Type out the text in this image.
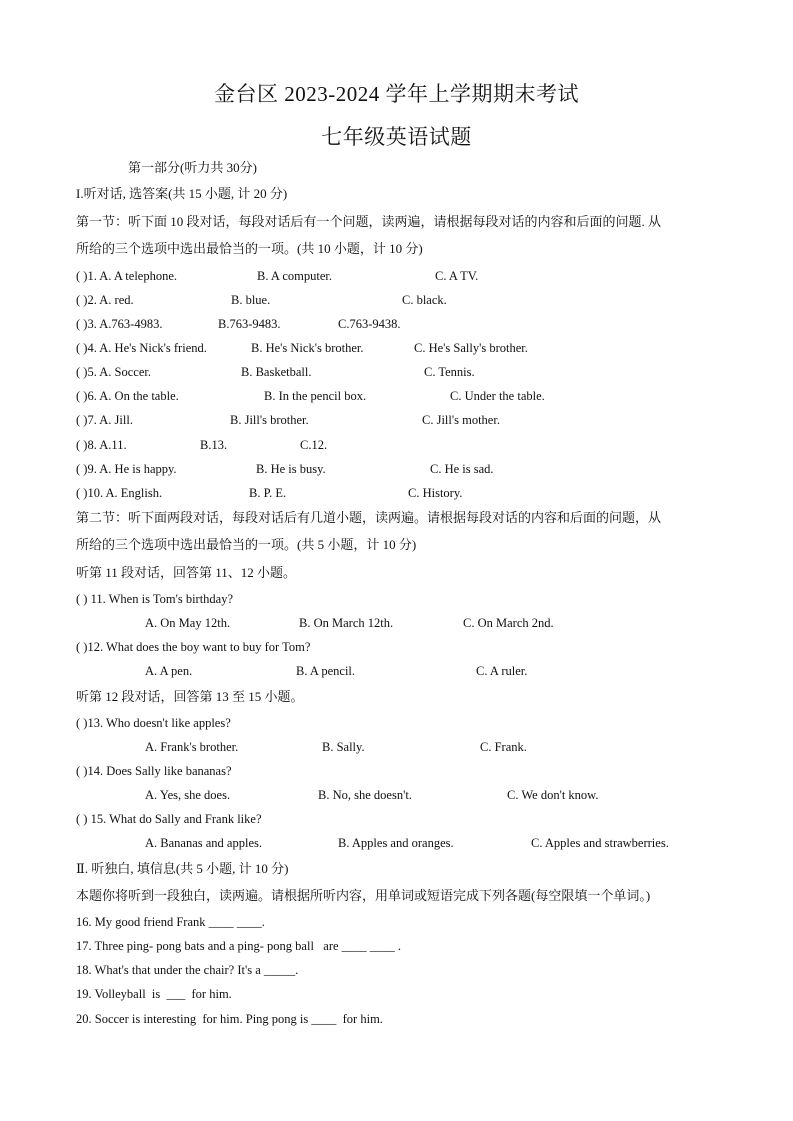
金台区 2023-2024 学年上学期期末考试
七年级英语试题
第一部分(听力共 30分)
I.听对话, 选答案(共 15 小题, 计 20 分)
第一节：听下面 10 段对话，每段对话后有一个问题，读两遍，请根据每段对话的内容和后面的问题. 从
所给的三个选项中选出最恰当的一项。(共 10 小题，计 10 分)
( )1. A. A telephone.	B. A computer.	C. A TV.
( )2. A. red.	B. blue.	C. black.
( )3. A.763-4983.	B.763-9483.	C.763-9438.
( )4. A. He's Nick's friend.	B. He's Nick's brother.	C. He's Sally's brother.
( )5. A. Soccer.	B. Basketball.	C. Tennis.
( )6. A. On the table.	B. In the pencil box.	C. Under the table.
( )7. A. Jill.	B. Jill's brother.	C. Jill's mother.
( )8. A.11.	B.13.	C.12.
( )9. A. He is happy.	B. He is busy.	C. He is sad.
( )10. A. English.	B. P. E.	C. History.
第二节：听下面两段对话，每段对话后有几道小题，读两遍。请根据每段对话的内容和后面的问题，从
所给的三个选项中选出最恰当的一项。(共 5 小题，计 10 分)
听第 11 段对话，回答第 11、12 小题。
( ) 11. When is Tom's birthday?
A. On May 12th.	B. On March 12th.	C. On March 2nd.
( )12. What does the boy want to buy for Tom?
A. A pen.	B. A pencil.	C. A ruler.
听第 12 段对话，回答第 13 至 15 小题。
( )13. Who doesn't like apples?
A. Frank's brother.	B. Sally.	C. Frank.
( )14. Does Sally like bananas?
A. Yes, she does.	B. No, she doesn't.	C. We don't know.
( ) 15. What do Sally and Frank like?
A. Bananas and apples.	B. Apples and oranges.	C. Apples and strawberries.
Ⅱ. 听独白, 填信息(共 5 小题, 计 10 分)
本题你将听到一段独白，读两遍。请根据所听内容，用单词或短语完成下列各题(每空限填一个单词。)
16. My good friend Frank ____ ____.
17. Three ping- pong bats and a ping- pong ball   are ____ ____ .
18. What's that under the chair? It's a _____.
19. Volleyball  is  ___  for him.
20. Soccer is interesting  for him. Ping pong is ____  for him.
